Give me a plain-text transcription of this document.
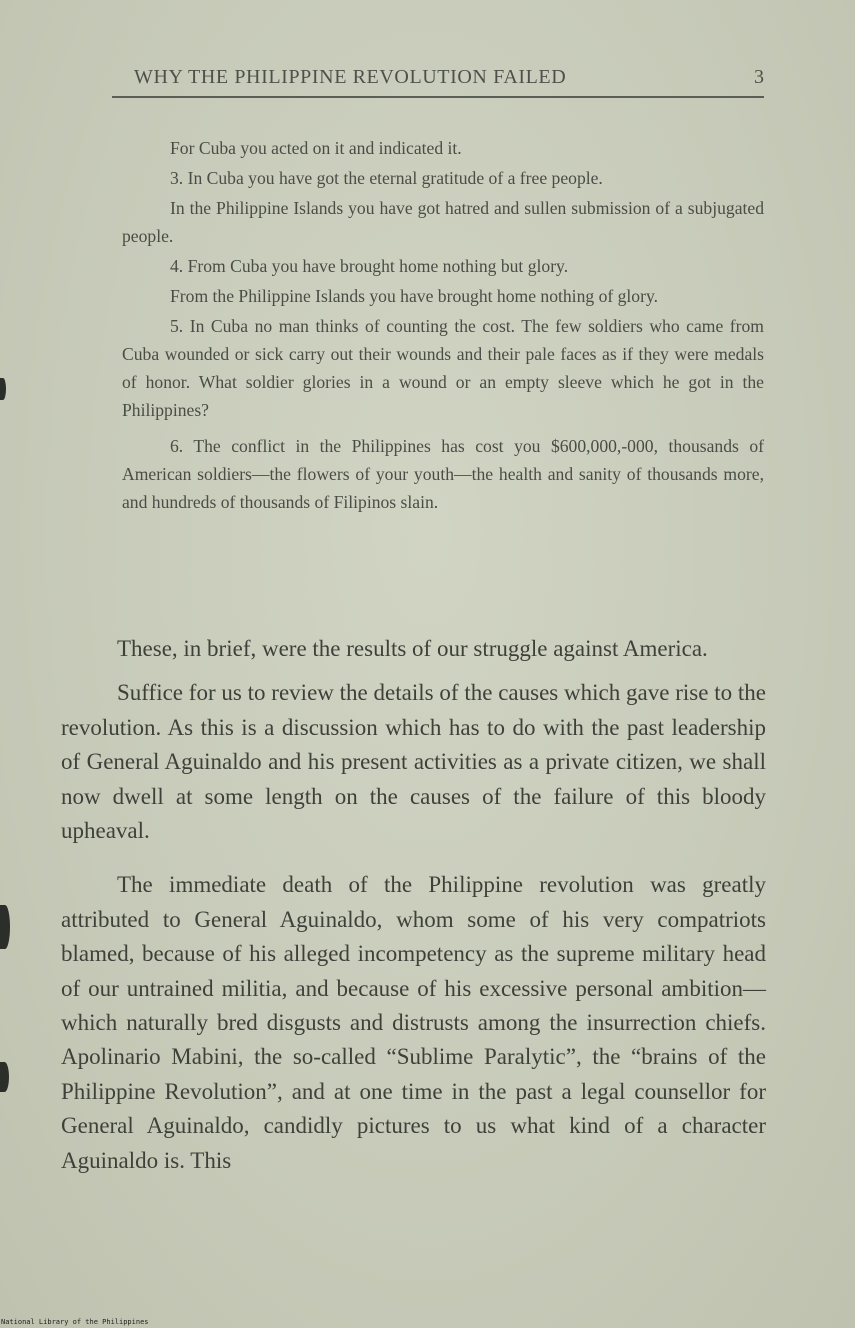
WHY THE PHILIPPINE REVOLUTION FAILED	3

For Cuba you acted on it and indicated it.

3. In Cuba you have got the eternal gratitude of a free people.

In the Philippine Islands you have got hatred and sullen submission of a subjugated people.

4. From Cuba you have brought home nothing but glory.

From the Philippine Islands you have brought home nothing of glory.

5. In Cuba no man thinks of counting the cost. The few soldiers who came from Cuba wounded or sick carry out their wounds and their pale faces as if they were medals of honor. What soldier glories in a wound or an empty sleeve which he got in the Philippines?

6. The conflict in the Philippines has cost you $600,000,-000, thousands of American soldiers—the flowers of your youth—the health and sanity of thousands more, and hundreds of thousands of Filipinos slain.

These, in brief, were the results of our struggle against America.

Suffice for us to review the details of the causes which gave rise to the revolution. As this is a discussion which has to do with the past leadership of General Aguinaldo and his present activities as a private citizen, we shall now dwell at some length on the causes of the failure of this bloody upheaval.

The immediate death of the Philippine revolution was greatly attributed to General Aguinaldo, whom some of his very compatriots blamed, because of his alleged incompetency as the supreme military head of our untrained militia, and because of his excessive personal ambition—which naturally bred disgusts and distrusts among the insurrection chiefs. Apolinario Mabini, the so-called “Sublime Paralytic”, the “brains of the Philippine Revolution”, and at one time in the past a legal counsellor for General Aguinaldo, candidly pictures to us what kind of a character Aguinaldo is. This

National Library of the Philippines
